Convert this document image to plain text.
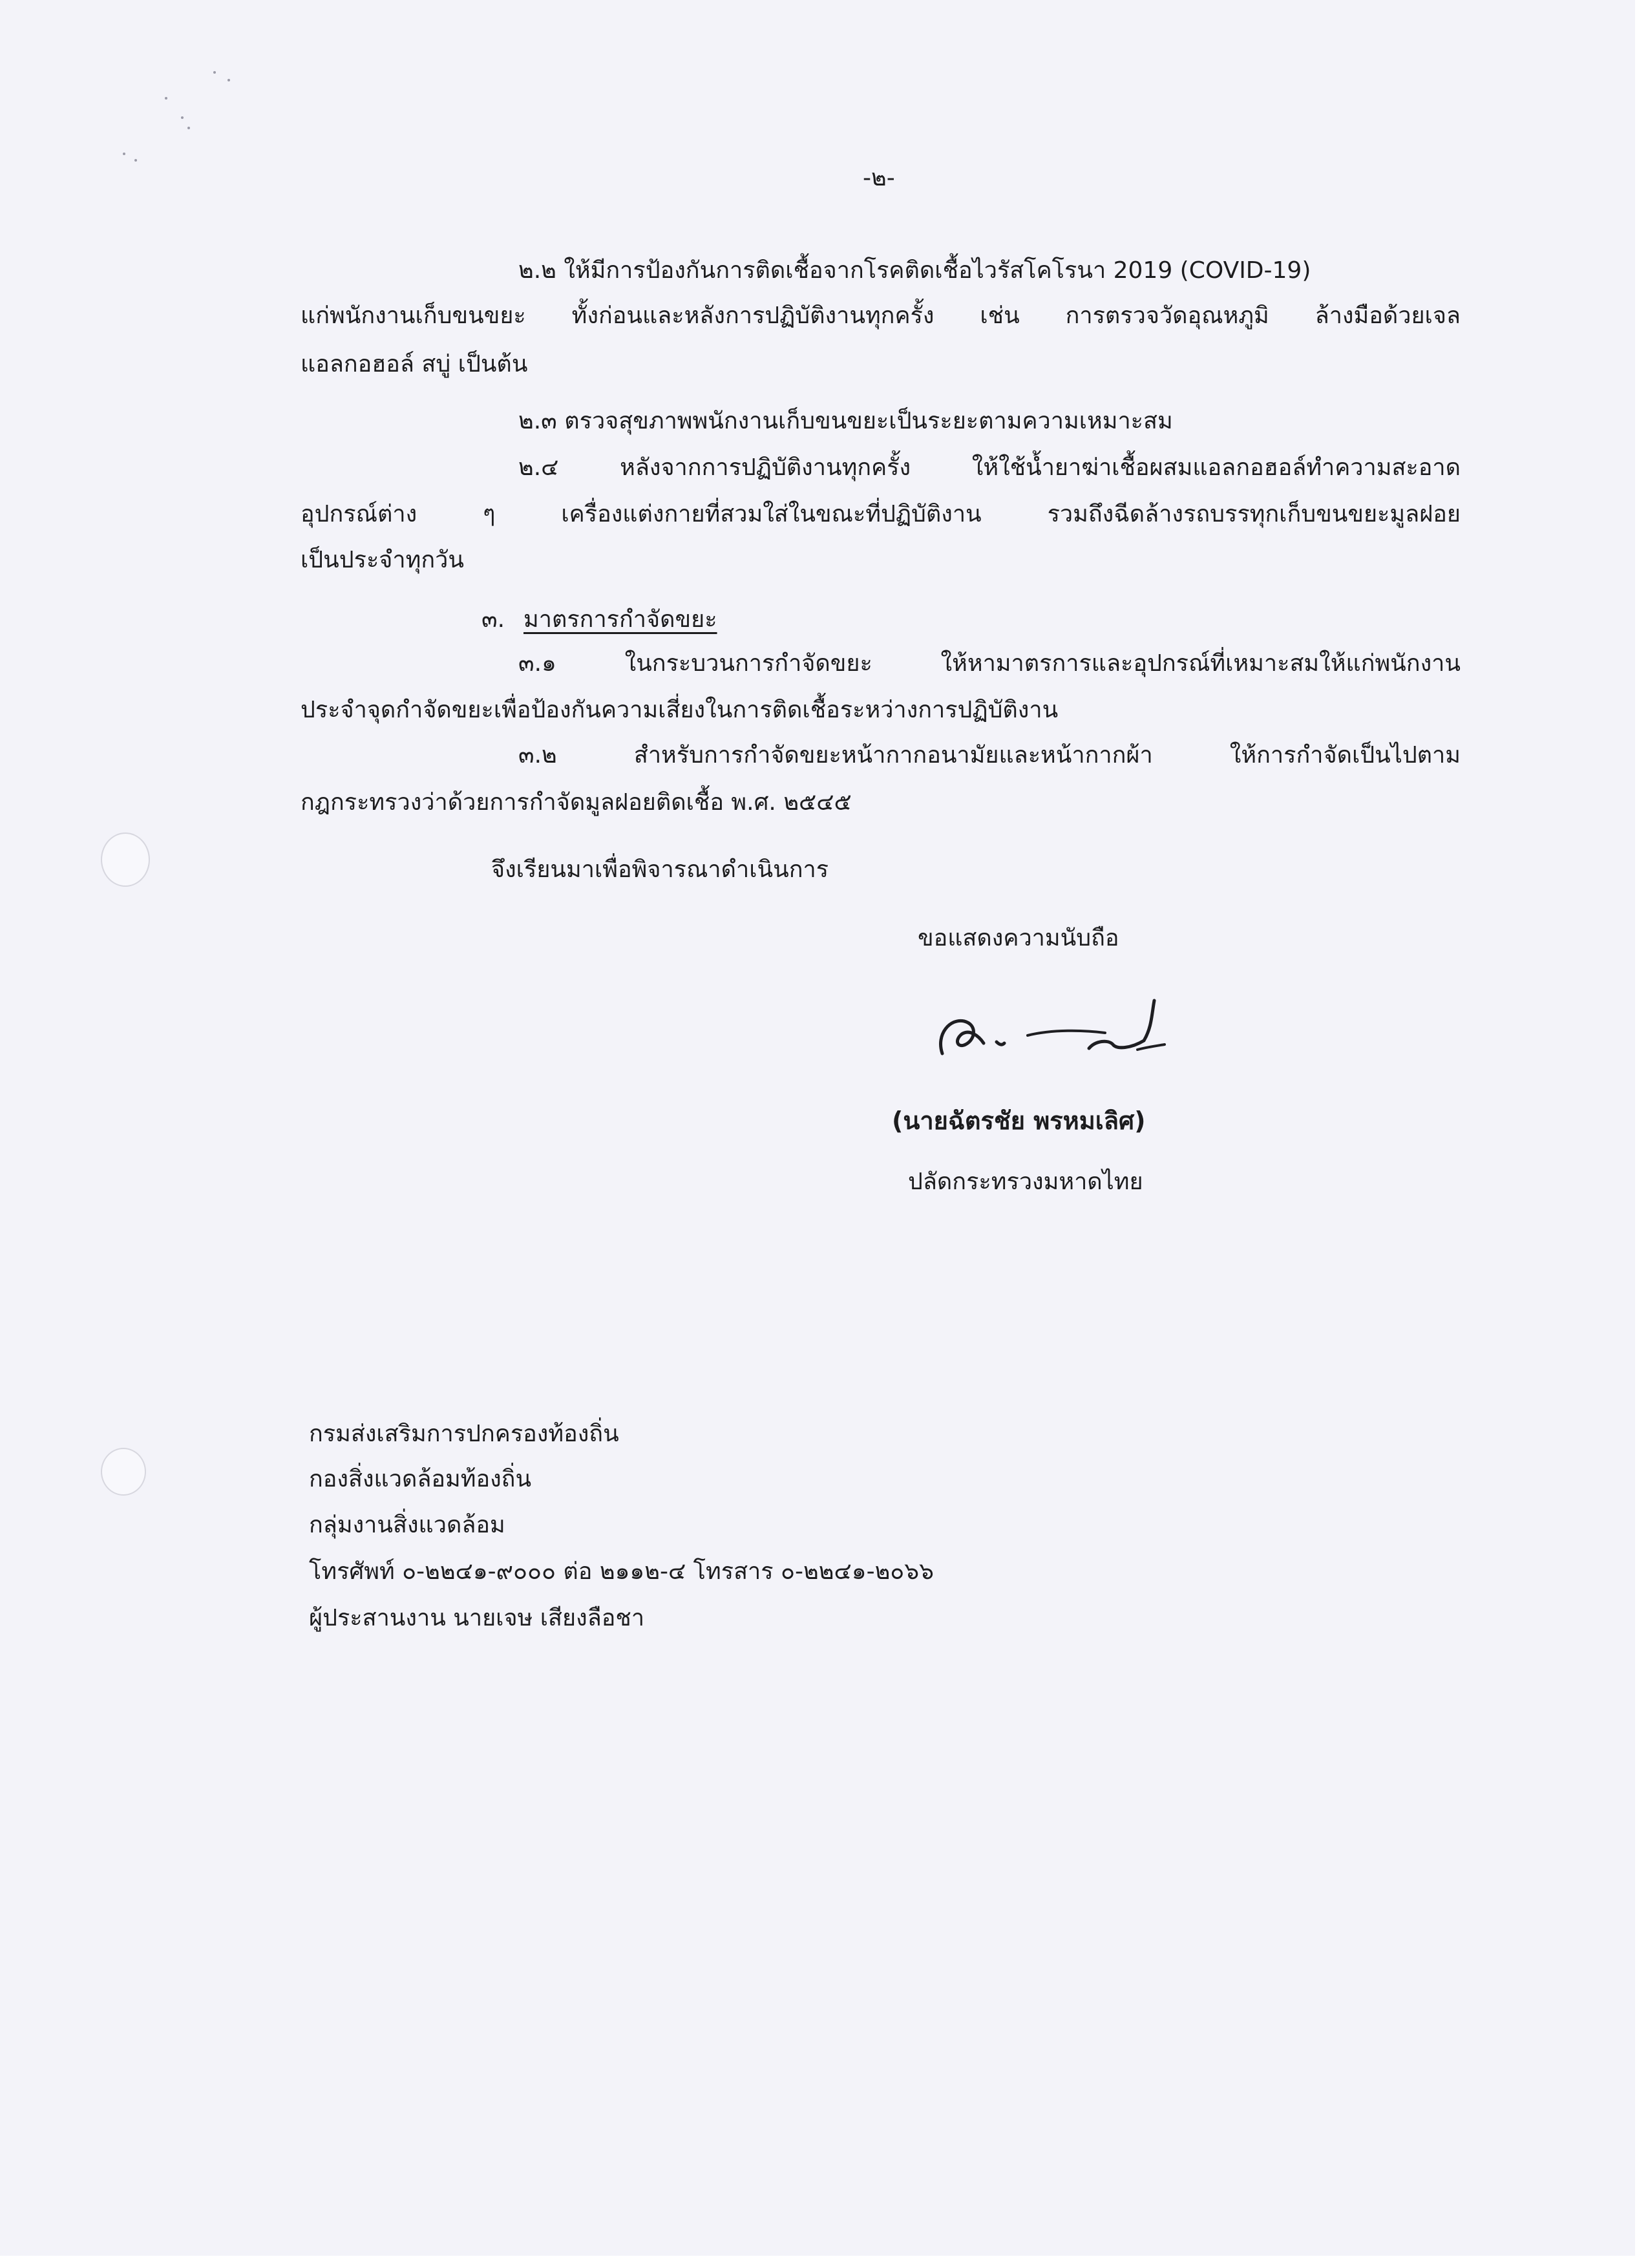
-๒-
๒.๒ ให้มีการป้องกันการติดเชื้อจากโรคติดเชื้อไวรัสโคโรนา 2019 (COVID-19)
แก่พนักงานเก็บขนขยะ ทั้งก่อนและหลังการปฏิบัติงานทุกครั้ง เช่น การตรวจวัดอุณหภูมิ ล้างมือด้วยเจล
แอลกอฮอล์ สบู่ เป็นต้น
๒.๓ ตรวจสุขภาพพนักงานเก็บขนขยะเป็นระยะตามความเหมาะสม
๒.๔ หลังจากการปฏิบัติงานทุกครั้ง ให้ใช้น้ำยาฆ่าเชื้อผสมแอลกอฮอล์ทำความสะอาด
อุปกรณ์ต่าง ๆ เครื่องแต่งกายที่สวมใส่ในขณะที่ปฏิบัติงาน รวมถึงฉีดล้างรถบรรทุกเก็บขนขยะมูลฝอย
เป็นประจำทุกวัน
๓. มาตรการกำจัดขยะ
๓.๑ ในกระบวนการกำจัดขยะ ให้หามาตรการและอุปกรณ์ที่เหมาะสมให้แก่พนักงาน
ประจำจุดกำจัดขยะเพื่อป้องกันความเสี่ยงในการติดเชื้อระหว่างการปฏิบัติงาน
๓.๒ สำหรับการกำจัดขยะหน้ากากอนามัยและหน้ากากผ้า ให้การกำจัดเป็นไปตาม
กฎกระทรวงว่าด้วยการกำจัดมูลฝอยติดเชื้อ พ.ศ. ๒๕๔๕
จึงเรียนมาเพื่อพิจารณาดำเนินการ
ขอแสดงความนับถือ
(นายฉัตรชัย พรหมเลิศ)
ปลัดกระทรวงมหาดไทย
กรมส่งเสริมการปกครองท้องถิ่น
กองสิ่งแวดล้อมท้องถิ่น
กลุ่มงานสิ่งแวดล้อม
โทรศัพท์ ๐-๒๒๔๑-๙๐๐๐ ต่อ ๒๑๑๒-๔ โทรสาร ๐-๒๒๔๑-๒๐๖๖
ผู้ประสานงาน นายเจษ เสียงลือชา
